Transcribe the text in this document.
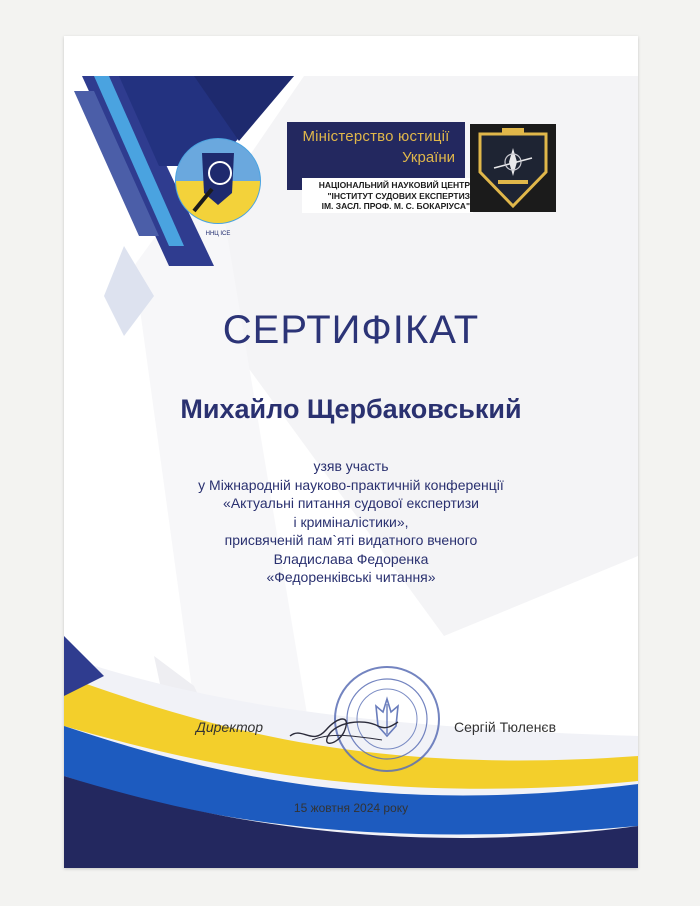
ННЦ ІСЕ
Міністерство юстиції
України
НАЦІОНАЛЬНИЙ НАУКОВИЙ ЦЕНТР
"ІНСТИТУТ СУДОВИХ ЕКСПЕРТИЗ
ІМ. ЗАСЛ. ПРОФ. М. С. БОКАРІУСА"
СЕРТИФІКАТ
Михайло Щербаковський
узяв участь
у Міжнародній науково-практичній конференції
«Актуальні питання судової експертизи
і криміналістики»,
присвяченій пам`яті видатного вченого
Владислава Федоренка
«Федоренківські читання»
Директор	Сергій Тюленєв
15 жовтня 2024 року
